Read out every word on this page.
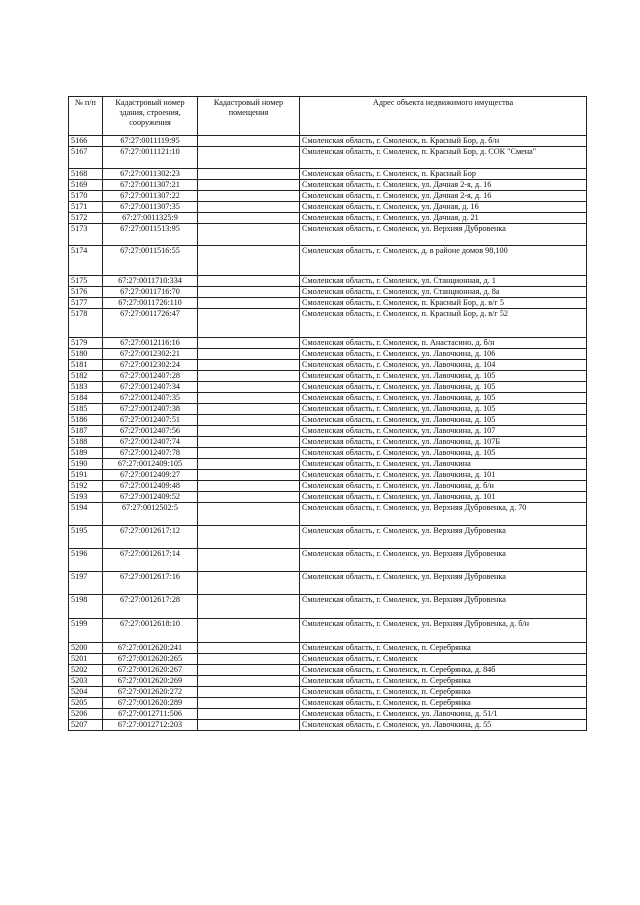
№ п/п	Кадастровый номер здания, строения, сооружения	Кадастровый номер помещения	Адрес объекта недвижимого имущества
5166	67:27:0011119:95		Смоленская область, г. Смоленск, п. Красный Бор, д. б/н
5167	67:27:0011121:10		Смоленская область, г. Смоленск, п. Красный Бор, д. СОК "Смена"
5168	67:27:0011302:23		Смоленская область, г. Смоленск, п. Красный Бор
5169	67:27:0011307:21		Смоленская область, г. Смоленск, ул. Дачная 2-я, д. 16
5170	67:27:0011307:22		Смоленская область, г. Смоленск, ул. Дачная 2-я, д. 16
5171	67:27:0011307:35		Смоленская область, г. Смоленск, ул. Дачная, д. 16
5172	67:27:0011325:9		Смоленская область, г. Смоленск, ул. Дачная, д. 21
5173	67:27:0011513:95		Смоленская область, г. Смоленск, ул. Верхняя Дубровенка
5174	67:27:0011516:55		Смоленская область, г. Смоленск, д. в районе домов 98,100
5175	67:27:0011710:334		Смоленская область, г. Смоленск, ул. Станционная, д. 1
5176	67:27:0011716:70		Смоленская область, г. Смоленск, ул. Станционная, д. 8а
5177	67:27:0011726:110		Смоленская область, г. Смоленск, п. Красный Бор, д. в/г 5
5178	67:27:0011726:47		Смоленская область, г. Смоленск, п. Красный Бор, д. в/г 52
5179	67:27:0012116:16		Смоленская область, г. Смоленск, п. Анастасино, д. б/н
5180	67:27:0012302:21		Смоленская область, г. Смоленск, ул. Лавочкина, д. 106
5181	67:27:0012302:24		Смоленская область, г. Смоленск, ул. Лавочкина, д. 104
5182	67:27:0012407:28		Смоленская область, г. Смоленск, ул. Лавочкина, д. 105
5183	67:27:0012407:34		Смоленская область, г. Смоленск, ул. Лавочкина, д. 105
5184	67:27:0012407:35		Смоленская область, г. Смоленск, ул. Лавочкина, д. 105
5185	67:27:0012407:38		Смоленская область, г. Смоленск, ул. Лавочкина, д. 105
5186	67:27:0012407:51		Смоленская область, г. Смоленск, ул. Лавочкина, д. 105
5187	67:27:0012407:56		Смоленская область, г. Смоленск, ул. Лавочкина, д. 107
5188	67:27:0012407:74		Смоленская область, г. Смоленск, ул. Лавочкина, д. 107Б
5189	67:27:0012407:78		Смоленская область, г. Смоленск, ул. Лавочкина, д. 105
5190	67:27:0012409:105		Смоленская область, г. Смоленск, ул. Лавочкина
5191	67:27:0012409:27		Смоленская область, г. Смоленск, ул. Лавочкина, д. 101
5192	67:27:0012409:48		Смоленская область, г. Смоленск, ул. Лавочкина, д. б/н
5193	67:27:0012409:52		Смоленская область, г. Смоленск, ул. Лавочкина, д. 101
5194	67:27:0012502:5		Смоленская область, г. Смоленск, ул. Верхняя Дубровенка, д. 70
5195	67:27:0012617:12		Смоленская область, г. Смоленск, ул. Верхняя Дубровенка
5196	67:27:0012617:14		Смоленская область, г. Смоленск, ул. Верхняя Дубровенка
5197	67:27:0012617:16		Смоленская область, г. Смоленск, ул. Верхняя Дубровенка
5198	67:27:0012617:28		Смоленская область, г. Смоленск, ул. Верхняя Дубровенка
5199	67:27:0012618:10		Смоленская область, г. Смоленск, ул. Верхняя Дубровенка, д. б/н
5200	67:27:0012620:241		Смоленская область, г. Смоленск, п. Серебрянка
5201	67:27:0012620:265		Смоленская область, г. Смоленск
5202	67:27:0012620:267		Смоленская область, г. Смоленск, п. Серебрянка, д. 84б
5203	67:27:0012620:269		Смоленская область, г. Смоленск, п. Серебрянка
5204	67:27:0012620:272		Смоленская область, г. Смоленск, п. Серебрянка
5205	67:27:0012620:289		Смоленская область, г. Смоленск, п. Серебрянка
5206	67:27:0012711:506		Смоленская область, г. Смоленск, ул. Лавочкина, д. 51/1
5207	67:27:0012712:203		Смоленская область, г. Смоленск, ул. Лавочкина, д. 55
